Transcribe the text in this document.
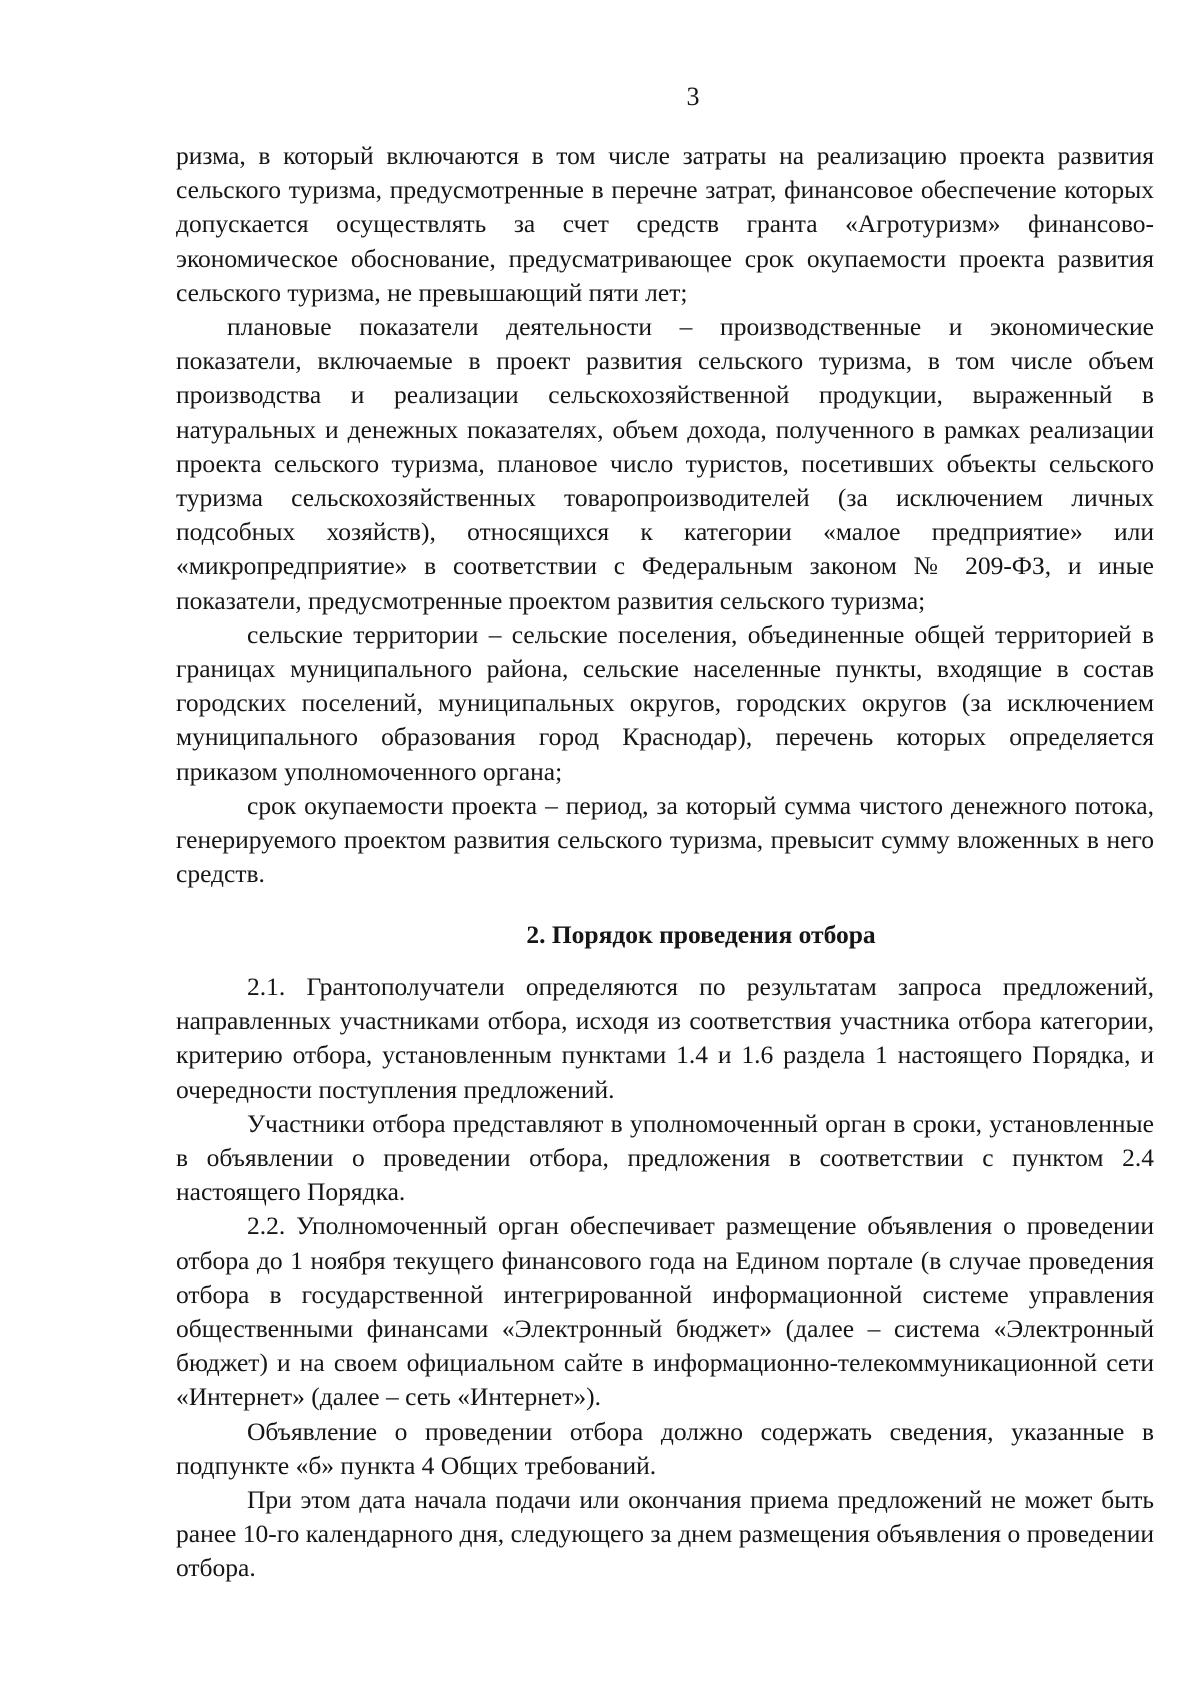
3

ризма, в который включаются в том числе затраты на реализацию проекта развития сельского туризма, предусмотренные в перечне затрат, финансовое обеспечение которых допускается осуществлять за счет средств гранта «Агротуризм» финансово-экономическое обоснование, предусматривающее срок окупаемости проекта развития сельского туризма, не превышающий пяти лет;

плановые показатели деятельности – производственные и экономические показатели, включаемые в проект развития сельского туризма, в том числе объем производства и реализации сельскохозяйственной продукции, выраженный в натуральных и денежных показателях, объем дохода, полученного в рамках реализации проекта сельского туризма, плановое число туристов, посетивших объекты сельского туризма сельскохозяйственных товаропроизводителей (за исключением личных подсобных хозяйств), относящихся к категории «малое предприятие» или «микропредприятие» в соответствии с Федеральным законом № 209-ФЗ, и иные показатели, предусмотренные проектом развития сельского туризма;

сельские территории – сельские поселения, объединенные общей территорией в границах муниципального района, сельские населенные пункты, входящие в состав городских поселений, муниципальных округов, городских округов (за исключением муниципального образования город Краснодар), перечень которых определяется приказом уполномоченного органа;

срок окупаемости проекта – период, за который сумма чистого денежного потока, генерируемого проектом развития сельского туризма, превысит сумму вложенных в него средств.

2. Порядок проведения отбора

2.1. Грантополучатели определяются по результатам запроса предложений, направленных участниками отбора, исходя из соответствия участника отбора категории, критерию отбора, установленным пунктами 1.4 и 1.6 раздела 1 настоящего Порядка, и очередности поступления предложений.

Участники отбора представляют в уполномоченный орган в сроки, установленные в объявлении о проведении отбора, предложения в соответствии с пунктом 2.4 настоящего Порядка.

2.2. Уполномоченный орган обеспечивает размещение объявления о проведении отбора до 1 ноября текущего финансового года на Едином портале (в случае проведения отбора в государственной интегрированной информационной системе управления общественными финансами «Электронный бюджет» (далее – система «Электронный бюджет) и на своем официальном сайте в информационно-телекоммуникационной сети «Интернет» (далее – сеть «Интернет»).

Объявление о проведении отбора должно содержать сведения, указанные в подпункте «б» пункта 4 Общих требований.

При этом дата начала подачи или окончания приема предложений не может быть ранее 10-го календарного дня, следующего за днем размещения объявления о проведении отбора.
